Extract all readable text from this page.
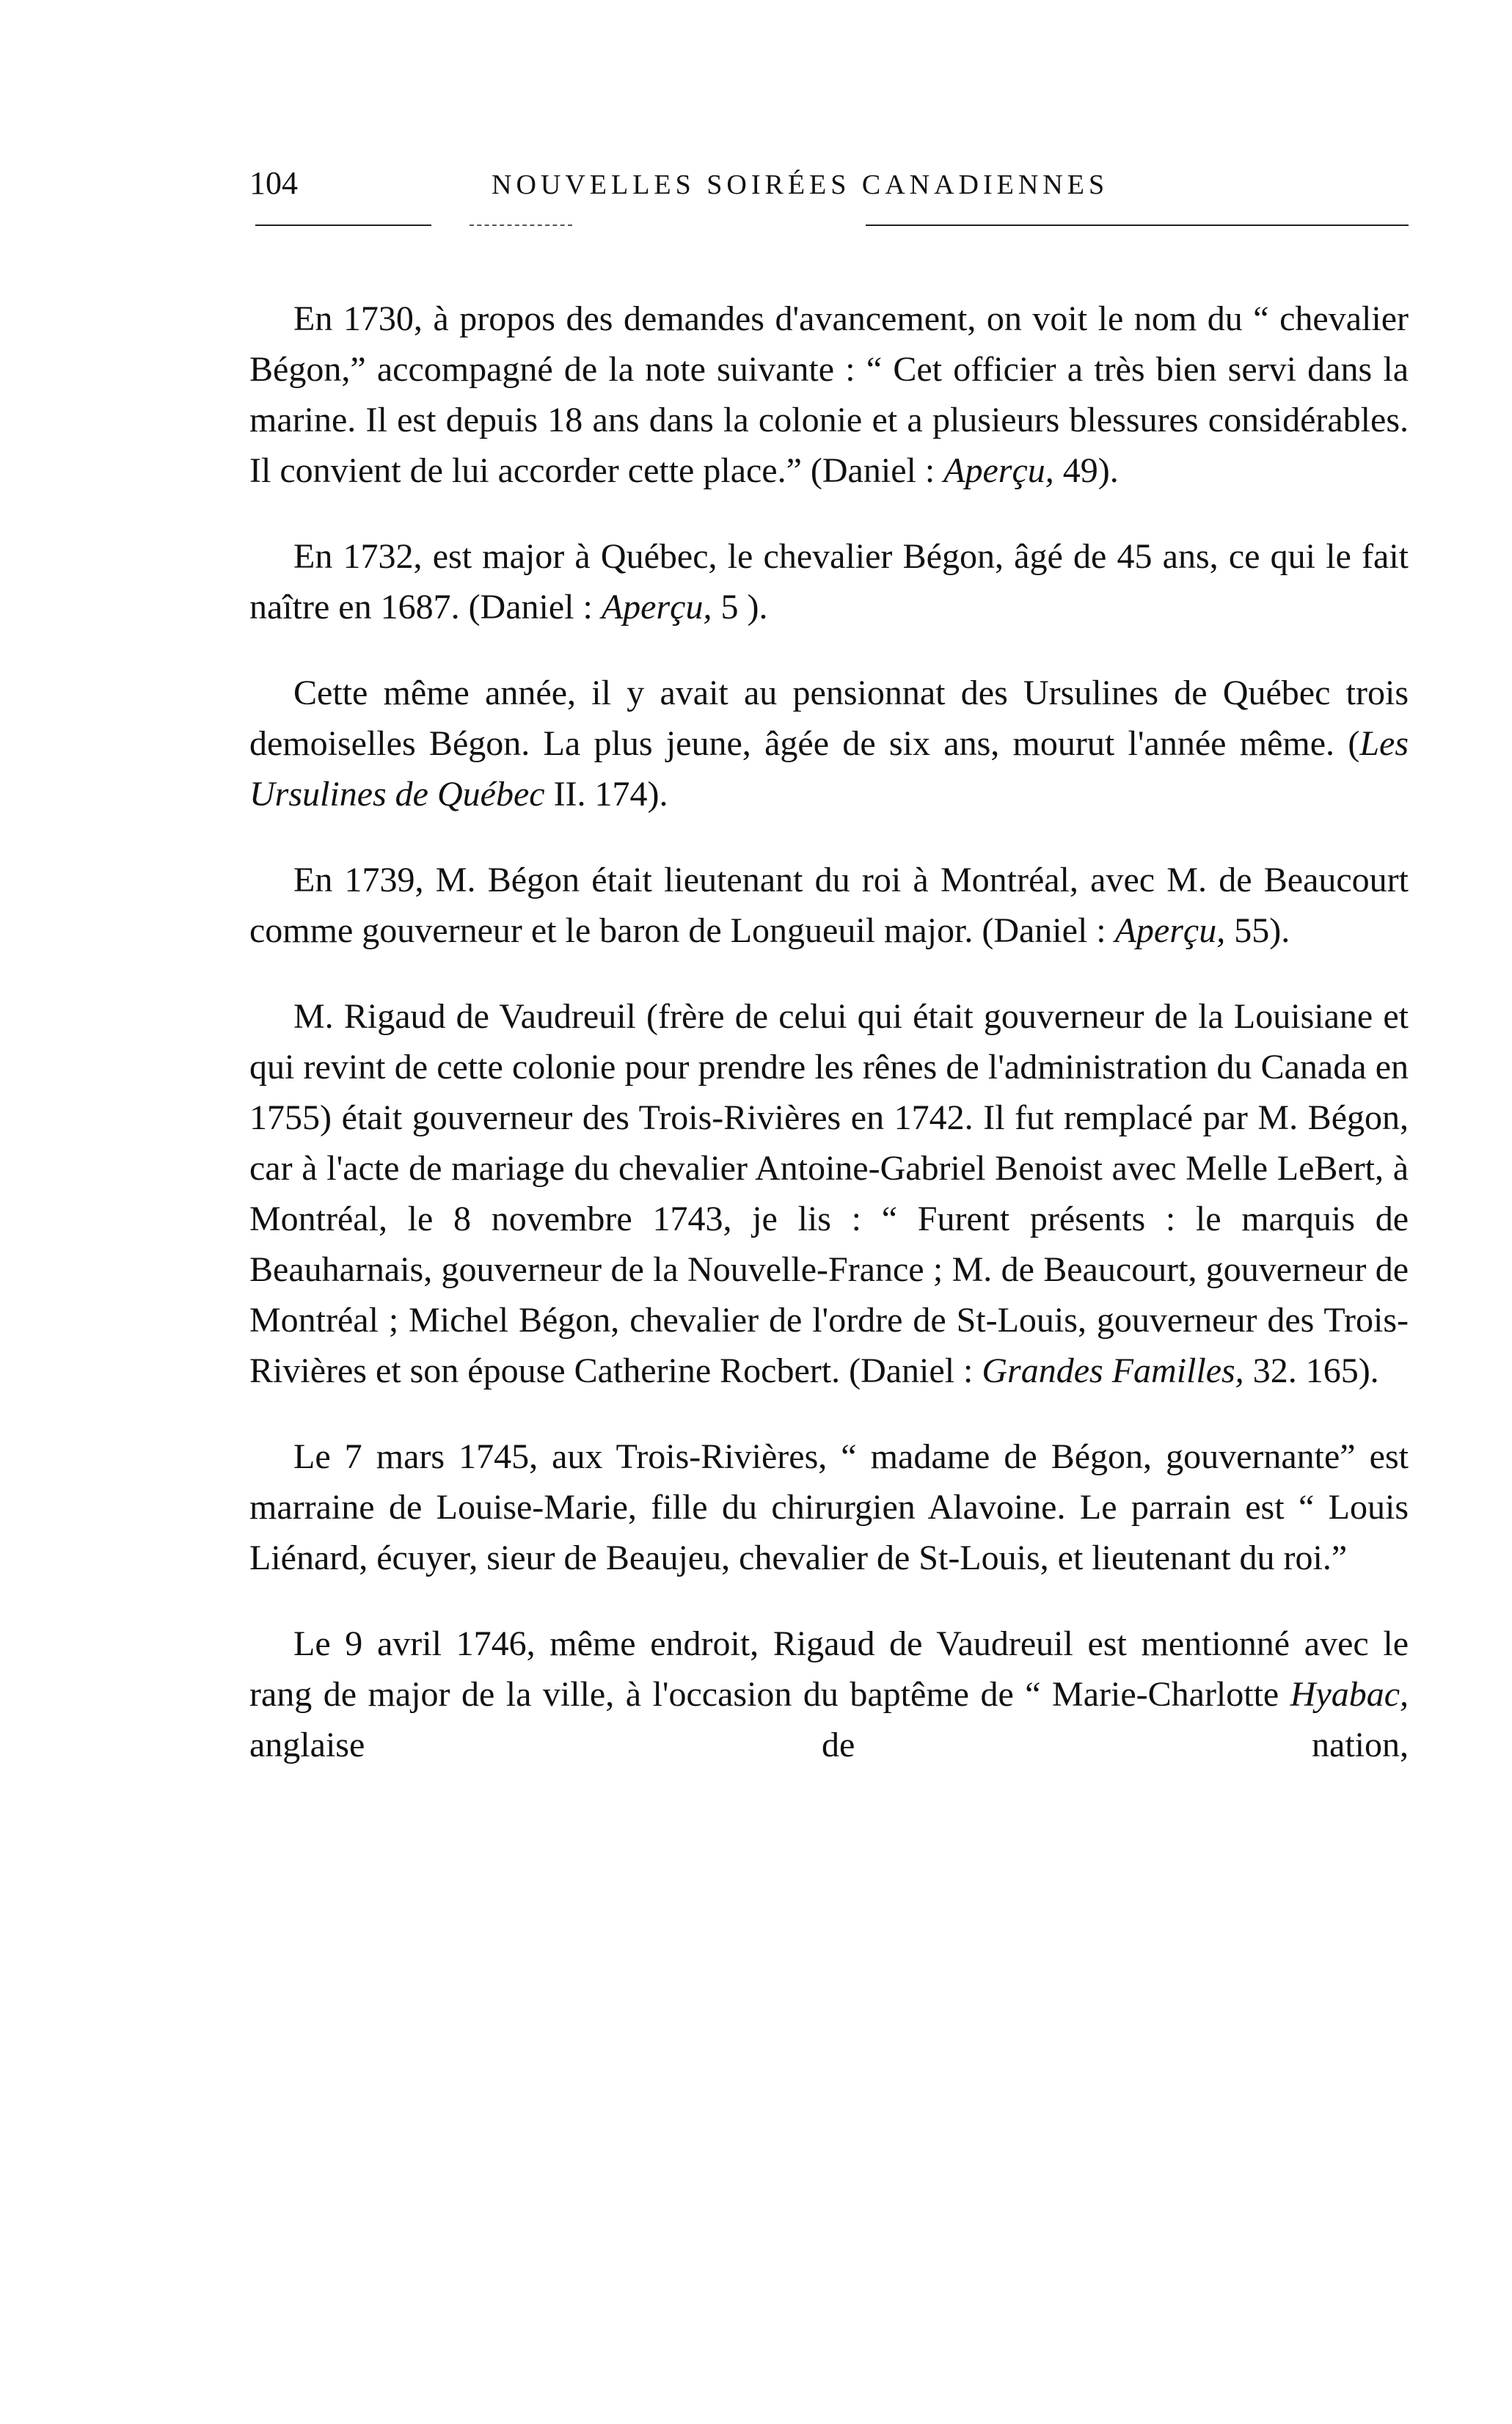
104	NOUVELLES SOIRÉES CANADIENNES

En 1730, à propos des demandes d'avancement, on voit le nom du “ chevalier Bégon,” accompagné de la note suivante : “ Cet officier a très bien servi dans la marine. Il est depuis 18 ans dans la colonie et a plusieurs blessures considérables. Il convient de lui accorder cette place.” (Daniel : Aperçu, 49).

En 1732, est major à Québec, le chevalier Bégon, âgé de 45 ans, ce qui le fait naître en 1687. (Daniel : Aperçu, 5 ).

Cette même année, il y avait au pensionnat des Ursulines de Québec trois demoiselles Bégon. La plus jeune, âgée de six ans, mourut l'année même. (Les Ursulines de Québec II. 174).

En 1739, M. Bégon était lieutenant du roi à Montréal, avec M. de Beaucourt comme gouverneur et le baron de Longueuil major. (Daniel : Aperçu, 55).

M. Rigaud de Vaudreuil (frère de celui qui était gouverneur de la Louisiane et qui revint de cette colonie pour prendre les rênes de l'administration du Canada en 1755) était gouverneur des Trois-Rivières en 1742. Il fut remplacé par M. Bégon, car à l'acte de mariage du chevalier Antoine-Gabriel Benoist avec Melle LeBert, à Montréal, le 8 novembre 1743, je lis : “ Furent présents : le marquis de Beauharnais, gouverneur de la Nouvelle-France ; M. de Beaucourt, gouverneur de Montréal ; Michel Bégon, chevalier de l'ordre de St-Louis, gouverneur des Trois-Rivières et son épouse Catherine Rocbert. (Daniel : Grandes Familles, 32. 165).

Le 7 mars 1745, aux Trois-Rivières, “ madame de Bégon, gouvernante” est marraine de Louise-Marie, fille du chirurgien Alavoine. Le parrain est “ Louis Liénard, écuyer, sieur de Beaujeu, chevalier de St-Louis, et lieutenant du roi.”

Le 9 avril 1746, même endroit, Rigaud de Vaudreuil est mentionné avec le rang de major de la ville, à l'occasion du baptême de “ Marie-Charlotte Hyabac, anglaise de nation,
